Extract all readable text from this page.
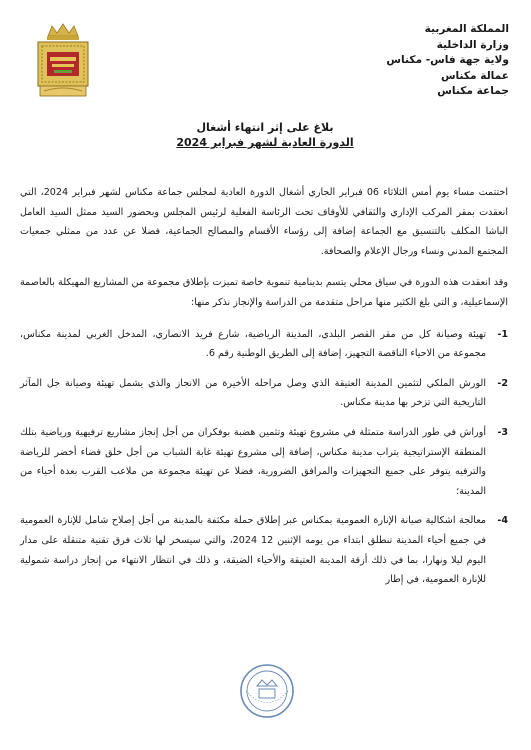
المملكة المغربية
وزارة الداخلية
ولاية جهة فاس- مكناس
عمالة مكناس
جماعة مكناس
بلاغ على إثر انتهاء أشغال
الدورة العادية لشهر فبراير 2024

اختتمت مساء يوم أمس الثلاثاء 06 فبراير الجاري أشغال الدورة العادية لمجلس جماعة مكناس لشهر فبراير 2024، التي انعقدت بمقر المركب الإداري والثقافي للأوقاف تحت الرئاسة الفعلية لرئيس المجلس وبحضور السيد ممثل السيد العامل الباشا المكلف بالتنسيق مع الجماعة إضافة إلى رؤساء الأقسام والمصالح الجماعية، فضلا عن عدد من ممثلي جمعيات المجتمع المدني ونساء ورجال الإعلام والصحافة.

وقد انعقدت هذه الدورة في سياق محلي يتسم بدينامية تنموية خاصة تميزت بإطلاق مجموعة من المشاريع المهيكلة بالعاصمة الإسماعيلية، و التي بلغ الكثير منها مراحل متقدمة من الدراسة والإنجاز نذكر منها:

1-
تهيئة وصيانة كل من مقر القصر البلدي، المدينة الرياضية، شارع فريد الانصاري، المدخل الغربي لمدينة مكناس، مجموعة من الاحياء الناقصة التجهيز، إضافة إلى الطريق الوطنية رقم 6.
2-
الورش الملكي لتثمين المدينة العتيقة الذي وصل مراحله الأخيرة من الانجاز والذي يشمل تهيئة وصيانة جل المآثر التاريخية التي تزخر بها مدينة مكناس.
3-
أوراش في طور الدراسة متمثلة في مشروع تهيئة وتثمين هضبة بوفكران من أجل إنجاز مشاريع ترفيهية ورياضية بتلك المنطقة الإستراتيجية بتراب مدينة مكناس، إضافة إلى مشروع تهيئة غابة الشباب من أجل خلق فضاء أخضر للرياضة والترفيه يتوفر على جميع التجهيزات والمرافق الضرورية، فضلا عن تهيئة مجموعة من ملاعب القرب بعدة أحياء من المدينة؛
4-
معالجة اشكالية صيانة الإنارة العمومية بمكناس عبر إطلاق حملة مكثفة بالمدينة من أجل إصلاح شامل للإنارة العمومية في جميع أحياء المدينة تنطلق ابتداء من يومه الإثنين 12 2024، والتي سيسخر لها ثلاث فرق تقنية متنقلة على مدار اليوم ليلا ونهارا، بما في ذلك أزقة المدينة العتيقة والأحياء الضيقة، و ذلك في انتظار الانتهاء من إنجاز دراسة شمولية للإنارة العمومية، في إطار
